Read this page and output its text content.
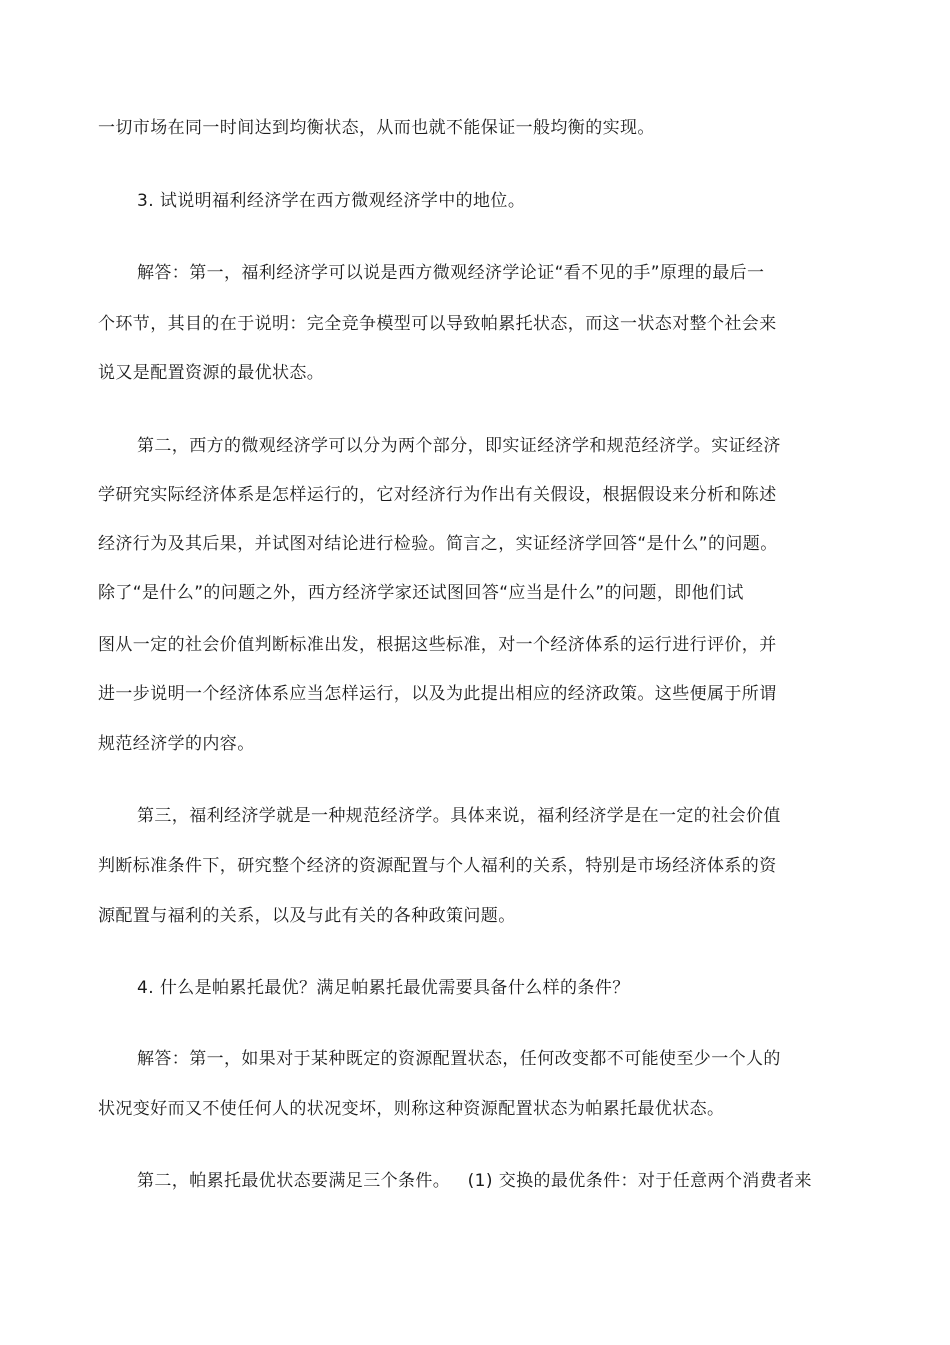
一切市场在同一时间达到均衡状态，从而也就不能保证一般均衡的实现。
3. 试说明福利经济学在西方微观经济学中的地位。
解答：第一，福利经济学可以说是西方微观经济学论证“看不见的手”原理的最后一
个环节，其目的在于说明：完全竞争模型可以导致帕累托状态，而这一状态对整个社会来
说又是配置资源的最优状态。
第二，西方的微观经济学可以分为两个部分，即实证经济学和规范经济学。实证经济
学研究实际经济体系是怎样运行的，它对经济行为作出有关假设，根据假设来分析和陈述
经济行为及其后果，并试图对结论进行检验。简言之，实证经济学回答“是什么”的问题。
除了“是什么”的问题之外，西方经济学家还试图回答“应当是什么”的问题，即他们试
图从一定的社会价值判断标准出发，根据这些标准，对一个经济体系的运行进行评价，并
进一步说明一个经济体系应当怎样运行，以及为此提出相应的经济政策。这些便属于所谓
规范经济学的内容。
第三，福利经济学就是一种规范经济学。具体来说，福利经济学是在一定的社会价值
判断标准条件下，研究整个经济的资源配置与个人福利的关系，特别是市场经济体系的资
源配置与福利的关系，以及与此有关的各种政策问题。
4. 什么是帕累托最优？满足帕累托最优需要具备什么样的条件？
解答：第一，如果对于某种既定的资源配置状态，任何改变都不可能使至少一个人的
状况变好而又不使任何人的状况变坏，则称这种资源配置状态为帕累托最优状态。
第二，帕累托最优状态要满足三个条件。   (1) 交换的最优条件：对于任意两个消费者来
